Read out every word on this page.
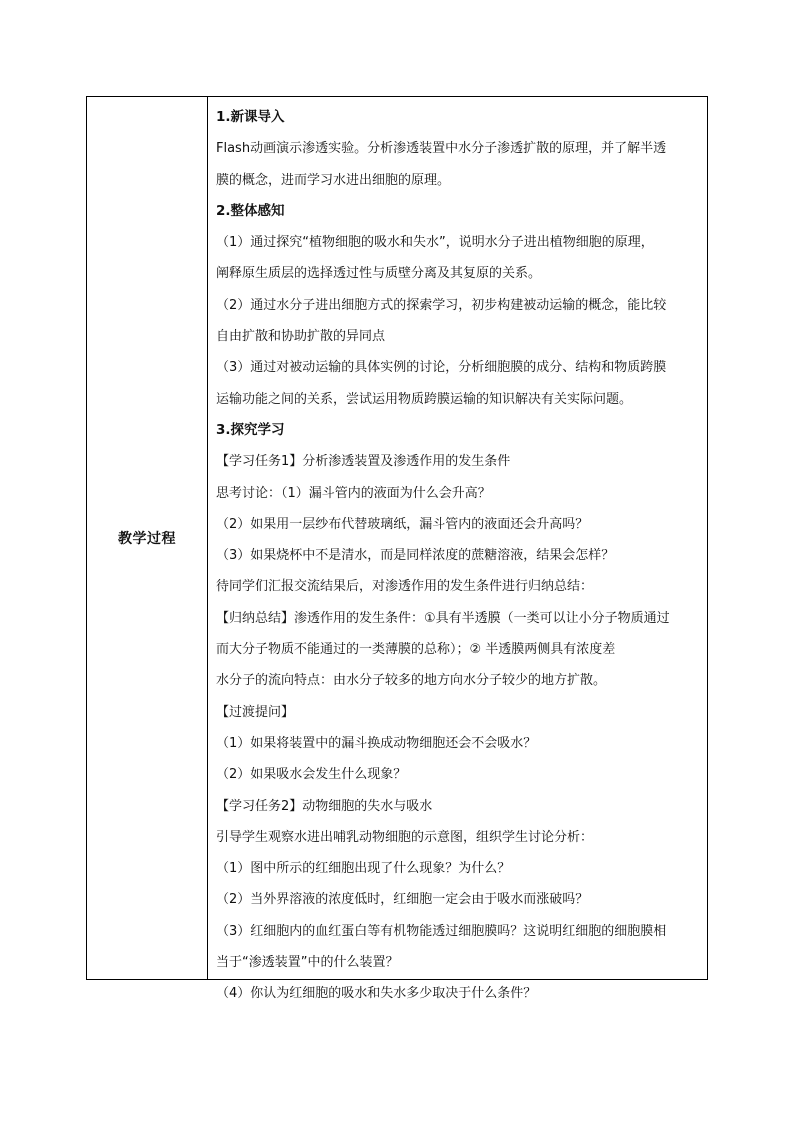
教学过程
1.新课导入
Flash动画演示渗透实验。分析渗透装置中水分子渗透扩散的原理，并了解半透
膜的概念，进而学习水进出细胞的原理。
2.整体感知
（1）通过探究“植物细胞的吸水和失水”，说明水分子进出植物细胞的原理，
阐释原生质层的选择透过性与质壁分离及其复原的关系。
（2）通过水分子进出细胞方式的探索学习，初步构建被动运输的概念，能比较
自由扩散和协助扩散的异同点
（3）通过对被动运输的具体实例的讨论，分析细胞膜的成分、结构和物质跨膜
运输功能之间的关系，尝试运用物质跨膜运输的知识解决有关实际问题。
3.探究学习
【学习任务1】分析渗透装置及渗透作用的发生条件
思考讨论：（1）漏斗管内的液面为什么会升高？
（2）如果用一层纱布代替玻璃纸，漏斗管内的液面还会升高吗？
（3）如果烧杯中不是清水，而是同样浓度的蔗糖溶液，结果会怎样？
待同学们汇报交流结果后，对渗透作用的发生条件进行归纳总结：
【归纳总结】渗透作用的发生条件：①具有半透膜（一类可以让小分子物质通过
而大分子物质不能通过的一类薄膜的总称）；② 半透膜两侧具有浓度差
水分子的流向特点：由水分子较多的地方向水分子较少的地方扩散。
【过渡提问】
（1）如果将装置中的漏斗换成动物细胞还会不会吸水？
（2）如果吸水会发生什么现象？
【学习任务2】动物细胞的失水与吸水
引导学生观察水进出哺乳动物细胞的示意图，组织学生讨论分析：
（1）图中所示的红细胞出现了什么现象？为什么？
（2）当外界溶液的浓度低时，红细胞一定会由于吸水而涨破吗？
（3）红细胞内的血红蛋白等有机物能透过细胞膜吗？这说明红细胞的细胞膜相
当于“渗透装置”中的什么装置？
（4）你认为红细胞的吸水和失水多少取决于什么条件？
